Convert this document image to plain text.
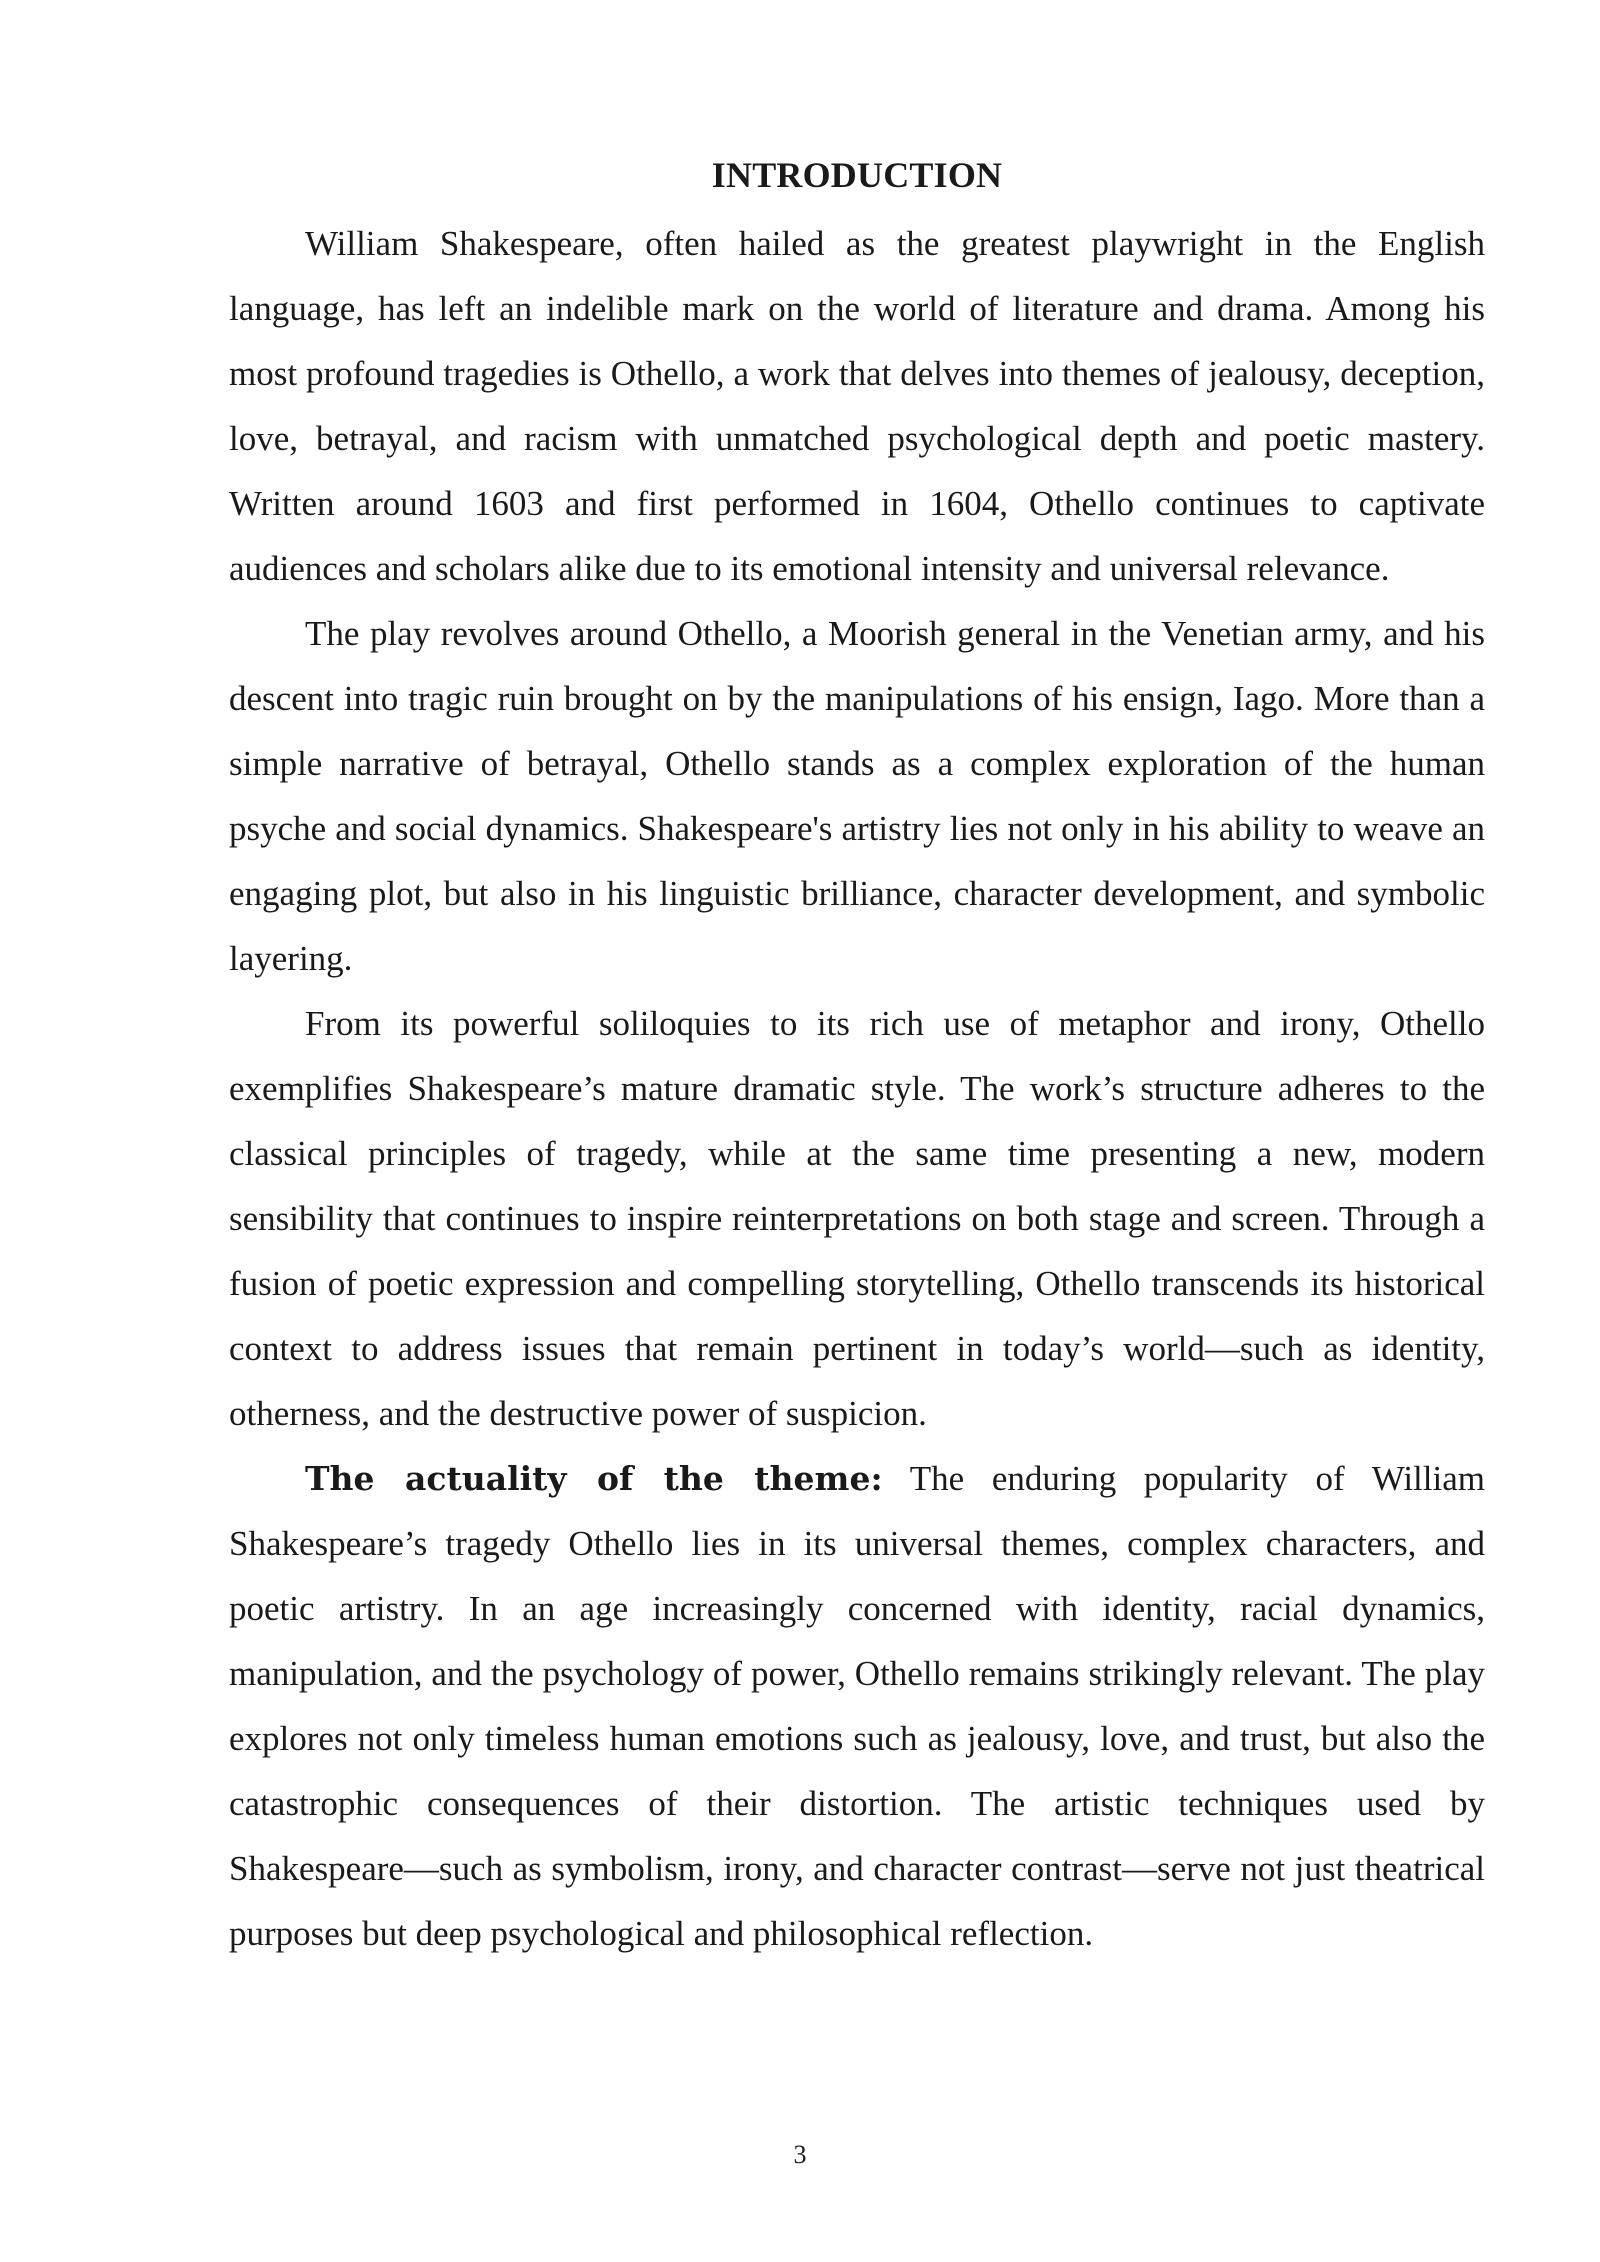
INTRODUCTION

William Shakespeare, often hailed as the greatest playwright in the English language, has left an indelible mark on the world of literature and drama. Among his most profound tragedies is Othello, a work that delves into themes of jealousy, deception, love, betrayal, and racism with unmatched psychological depth and poetic mastery. Written around 1603 and first performed in 1604, Othello continues to captivate audiences and scholars alike due to its emotional intensity and universal relevance.

The play revolves around Othello, a Moorish general in the Venetian army, and his descent into tragic ruin brought on by the manipulations of his ensign, Iago. More than a simple narrative of betrayal, Othello stands as a complex exploration of the human psyche and social dynamics. Shakespeare's artistry lies not only in his ability to weave an engaging plot, but also in his linguistic brilliance, character development, and symbolic layering.

From its powerful soliloquies to its rich use of metaphor and irony, Othello exemplifies Shakespeare’s mature dramatic style. The work’s structure adheres to the classical principles of tragedy, while at the same time presenting a new, modern sensibility that continues to inspire reinterpretations on both stage and screen. Through a fusion of poetic expression and compelling storytelling, Othello transcends its historical context to address issues that remain pertinent in today’s world—such as identity, otherness, and the destructive power of suspicion.

The actuality of the theme: The enduring popularity of William Shakespeare’s tragedy Othello lies in its universal themes, complex characters, and poetic artistry. In an age increasingly concerned with identity, racial dynamics, manipulation, and the psychology of power, Othello remains strikingly relevant. The play explores not only timeless human emotions such as jealousy, love, and trust, but also the catastrophic consequences of their distortion. The artistic techniques used by Shakespeare—such as symbolism, irony, and character contrast—serve not just theatrical purposes but deep psychological and philosophical reflection.

3
